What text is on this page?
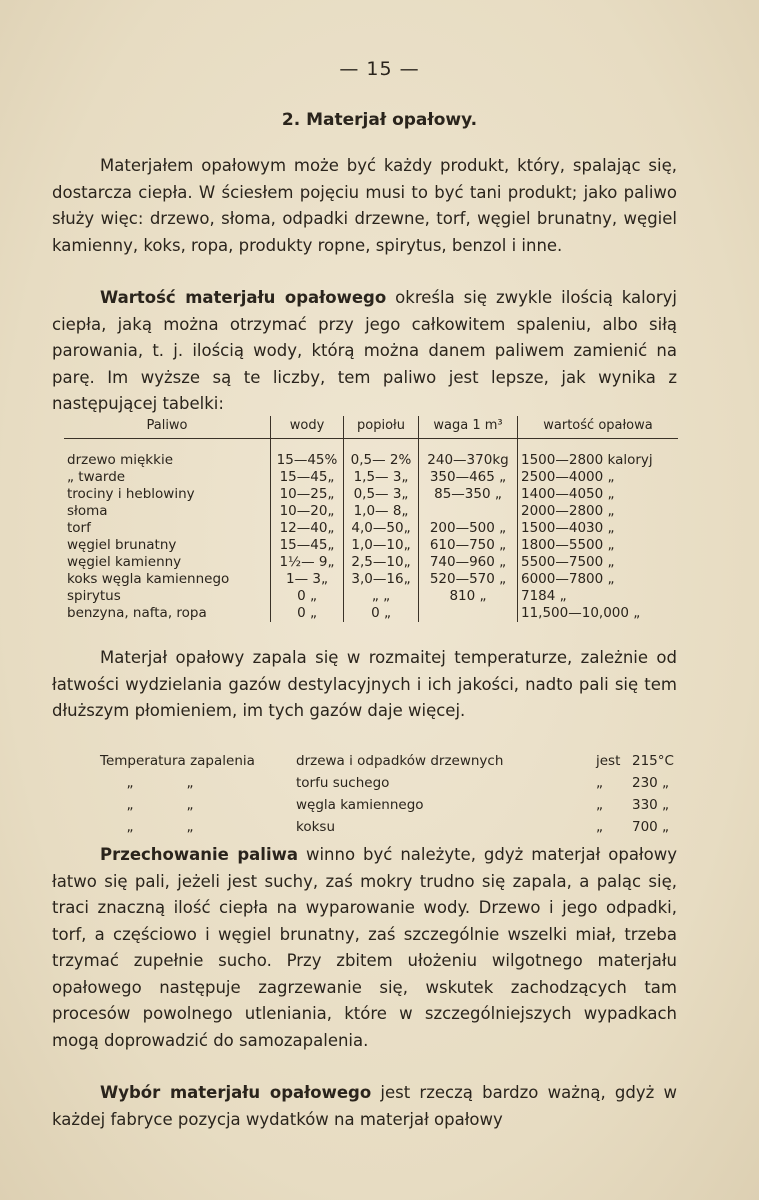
— 15 —
2. Materjał opałowy.
Materjałem opałowym może być każdy produkt, który, spalając się, dostarcza ciepła. W ściesłem pojęciu musi to być tani produkt; jako paliwo służy więc: drzewo, słoma, odpadki drzewne, torf, węgiel brunatny, węgiel kamienny, koks, ropa, produkty ropne, spirytus, benzol i inne.
Wartość materjału opałowego określa się zwykle ilością kaloryj ciepła, jaką można otrzymać przy jego całkowitem spaleniu, albo siłą parowania, t. j. ilością wody, którą można danem paliwem zamienić na parę. Im wyższe są te liczby, tem paliwo jest lepsze, jak wynika z następującej tabelki:
Paliwo	wody	popiołu	waga 1 m³	wartość opałowa
drzewo miękkie	15—45%	0,5— 2%	240—370kg	1500—2800 kaloryj
„ twarde	15—45„	1,5— 3„	350—465 „	2500—4000 „
trociny i heblowiny	10—25„	0,5— 3„	85—350 „	1400—4050 „
słoma	10—20„	1,0— 8„		2000—2800 „
torf	12—40„	4,0—50„	200—500 „	1500—4030 „
węgiel brunatny	15—45„	1,0—10„	610—750 „	1800—5500 „
węgiel kamienny	1½— 9„	2,5—10„	740—960 „	5500—7500 „
koks węgla kamiennego	1— 3„	3,0—16„	520—570 „	6000—7800 „
spirytus	0 „	„ „	810 „	7184 „
benzyna, nafta, ropa	0 „	0 „		11,500—10,000 „
Materjał opałowy zapala się w rozmaitej temperaturze, zależnie od łatwości wydzielania gazów destylacyjnych i ich jakości, nadto pali się tem dłuższym płomieniem, im tych gazów daje więcej.
Temperatura zapalenia	drzewa i odpadków drzewnych	jest	215°C
„ „	torfu suchego	„	230 „
„ „	węgla kamiennego	„	330 „
„ „	koksu	„	700 „
Przechowanie paliwa winno być należyte, gdyż materjał opałowy łatwo się pali, jeżeli jest suchy, zaś mokry trudno się zapala, a paląc się, traci znaczną ilość ciepła na wyparowanie wody. Drzewo i jego odpadki, torf, a częściowo i węgiel brunatny, zaś szczególnie wszelki miał, trzeba trzymać zupełnie sucho. Przy zbitem ułożeniu wilgotnego materjału opałowego następuje zagrzewanie się, wskutek zachodzących tam procesów powolnego utleniania, które w szczególniejszych wypadkach mogą doprowadzić do samozapalenia.
Wybór materjału opałowego jest rzeczą bardzo ważną, gdyż w każdej fabryce pozycja wydatków na materjał opałowy
